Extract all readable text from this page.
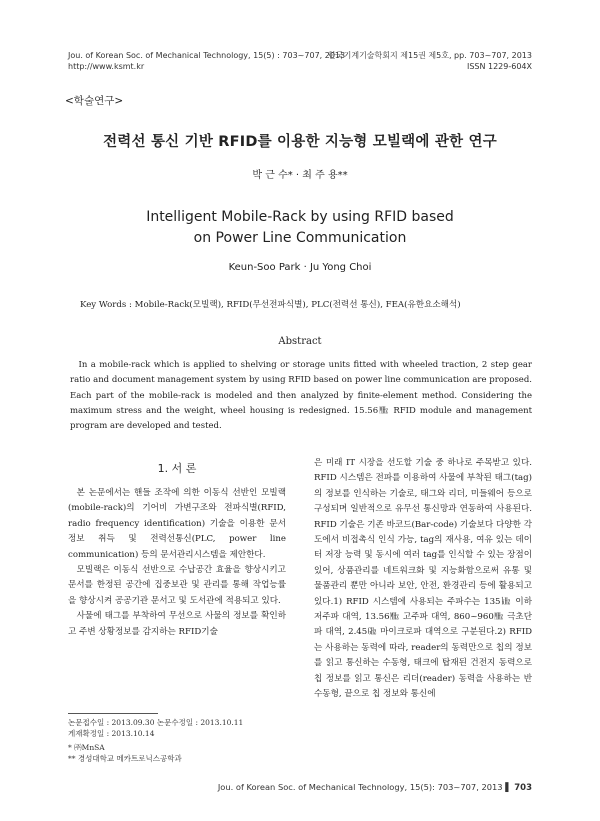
Jou. of Korean Soc. of Mechanical Technology, 15(5) : 703~707, 2013
http://www.ksmt.kr
한국기계기술학회지 제15권 제5호, pp. 703~707, 2013
ISSN 1229-604X
<학술연구>
전력선 통신 기반 RFID를 이용한 지능형 모빌랙에 관한 연구
박 근 수* · 최 주 용**
Intelligent Mobile-Rack by using RFID based
on Power Line Communication
Keun-Soo Park · Ju Yong Choi
Key Words : Mobile-Rack(모빌랙), RFID(무선전파식별), PLC(전력선 통신), FEA(유한요소해석)
Abstract

In a mobile-rack which is applied to shelving or storage units fitted with wheeled traction, 2 step gear ratio and document management system by using RFID based on power line communication are proposed. Each part of the mobile-rack is modeled and then analyzed by finite-element method. Considering the maximum stress and the weight, wheel housing is redesigned. 15.56㎒ RFID module and management program are developed and tested.

1. 서 론

본 논문에서는 핸들 조작에 의한 이동식 선반인 모빌랙(mobile-rack)의 기어비 가변구조와 전파식별(RFID, radio frequency identification) 기술을 이용한 문서 정보 취득 및 전력선통신(PLC, power line communication) 등의 문서관리시스템을 제안한다.

모빌랙은 이동식 선반으로 수납공간 효율을 향상시키고 문서를 한정된 공간에 집중보관 및 관리를 통해 작업능률을 향상시켜 공공기관 문서고 및 도서관에 적용되고 있다.

사물에 태그를 부착하여 무선으로 사물의 정보를 확인하고 주변 상황정보를 감지하는 RFID기술

은 미래 IT 시장을 선도할 기술 중 하나로 주목받고 있다. RFID 시스템은 전파를 이용하여 사물에 부착된 태그(tag)의 정보를 인식하는 기술로, 태그와 리더, 미들웨어 등으로 구성되며 일반적으로 유무선 통신망과 연동하여 사용된다. RFID 기술은 기존 바코드(Bar-code) 기술보다 다양한 각도에서 비접촉식 인식 가능, tag의 재사용, 여유 있는 데이터 저장 능력 및 동시에 여러 tag를 인식할 수 있는 장점이 있어, 상품관리를 네트워크화 및 지능화함으로써 유통 및 물품관리 뿐만 아니라 보안, 안전, 환경관리 등에 활용되고 있다.1) RFID 시스템에 사용되는 주파수는 135㎑ 이하 저주파 대역, 13.56㎒ 고주파 대역, 860~960㎒ 극초단파 대역, 2.45㎓ 마이크로파 대역으로 구분된다.2) RFID는 사용하는 동력에 따라, reader의 동력만으로 칩의 정보를 읽고 통신하는 수동형, 태크에 탑재된 건전지 동력으로 칩 정보를 읽고 통신은 리더(reader) 동력을 사용하는 반수동형, 끝으로 칩 정보와 통신에

논문접수일 : 2013.09.30 논문수정일 : 2013.10.11
게재확정일 : 2013.10.14
* ㈜MnSA
** 경성대학교 메카트로닉스공학과
Jou. of Korean Soc. of Mechanical Technology, 15(5): 703~707, 2013 ▌ 703
